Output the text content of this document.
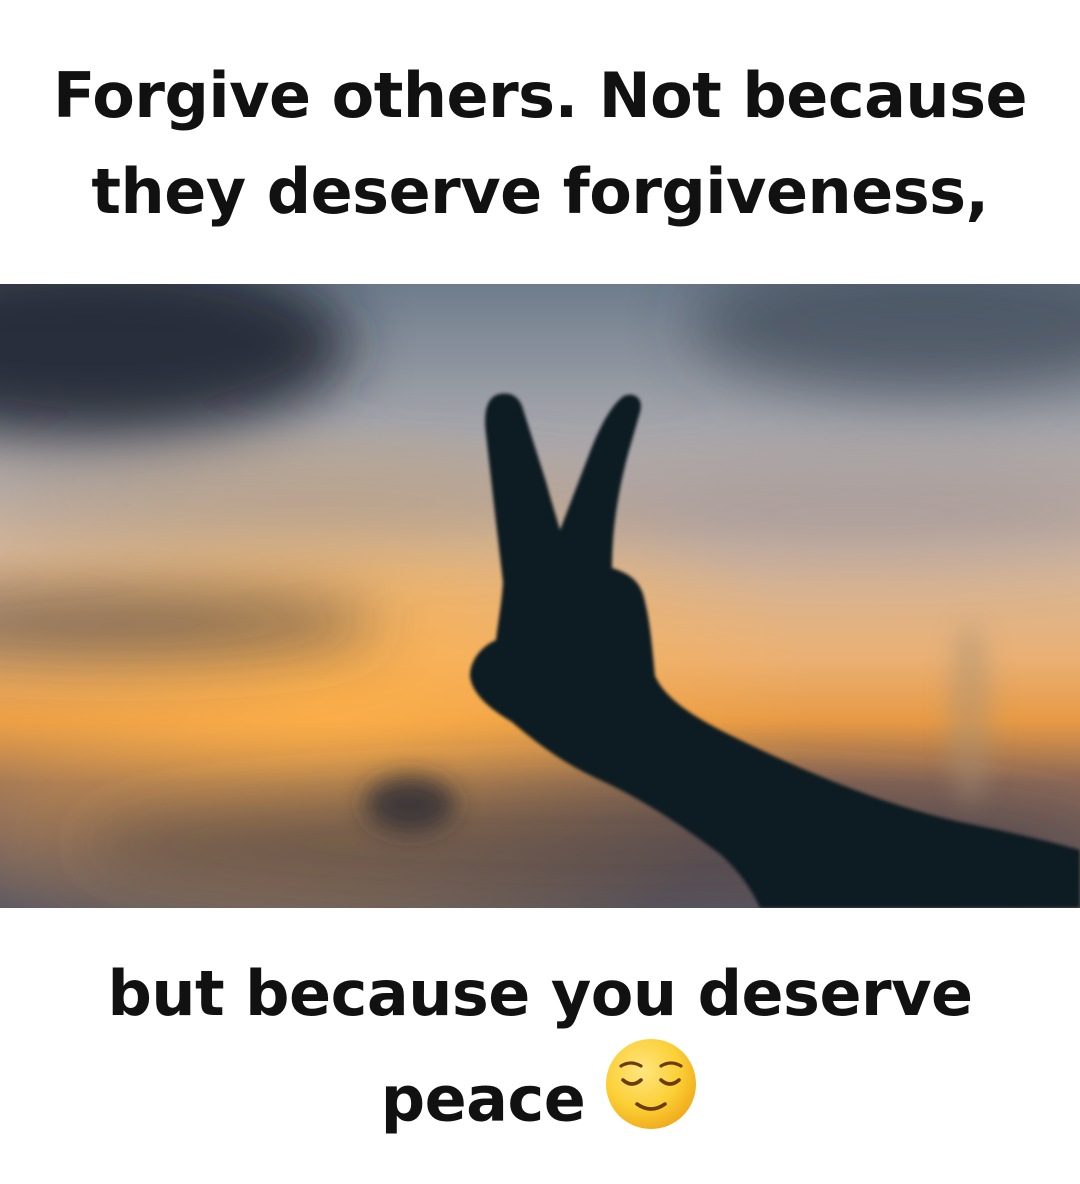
Forgive others. Not because
they deserve forgiveness,
but because you deserve
peace
